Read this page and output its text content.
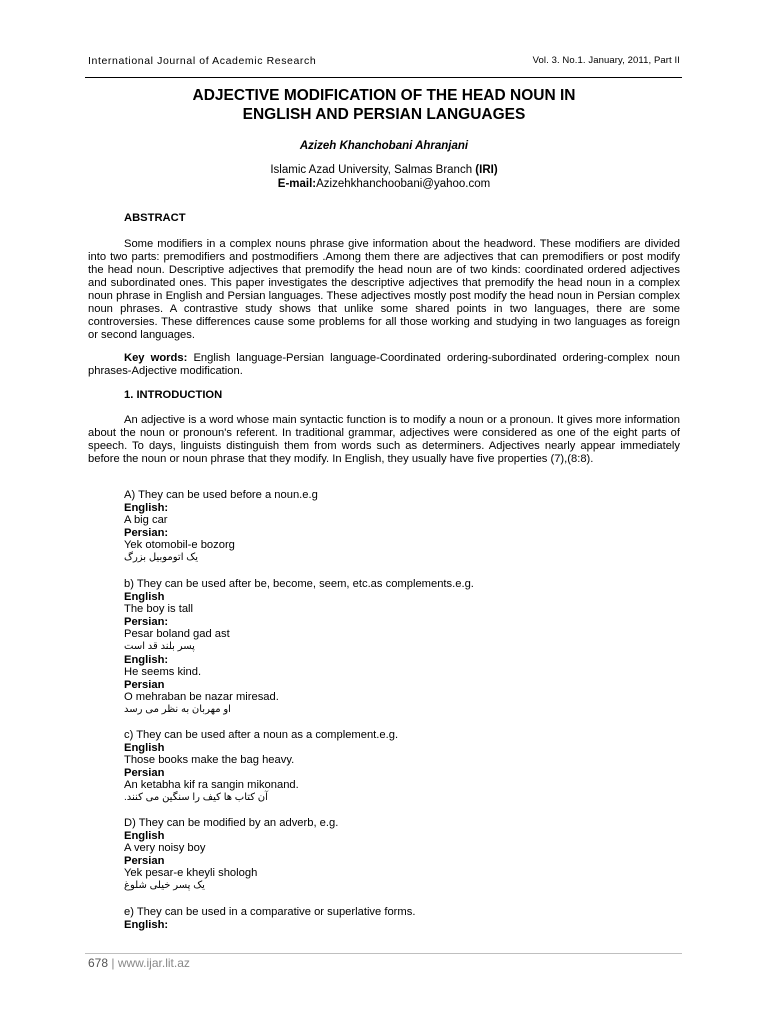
International Journal of Academic Research	Vol. 3. No.1. January, 2011, Part II
ADJECTIVE MODIFICATION OF THE HEAD NOUN IN
ENGLISH AND PERSIAN LANGUAGES
Azizeh Khanchobani Ahranjani
Islamic Azad University, Salmas Branch (IRI)
E-mail:Azizehkhanchoobani@yahoo.com
ABSTRACT
Some modifiers in a complex nouns phrase give information about the headword. These modifiers are divided into two parts: premodifiers and postmodifiers .Among them there are adjectives that can premodifiers or post modify the head noun. Descriptive adjectives that premodify the head noun are of two kinds: coordinated ordered adjectives and subordinated ones. This paper investigates the descriptive adjectives that premodify the head noun in a complex noun phrase in English and Persian languages. These adjectives mostly post modify the head noun in Persian complex noun phrases. A contrastive study shows that unlike some shared points in two languages, there are some controversies. These differences cause some problems for all those working and studying in two languages as foreign or second languages.
Key words: English language-Persian language-Coordinated ordering-subordinated ordering-complex noun phrases-Adjective modification.
1. INTRODUCTION
An adjective is a word whose main syntactic function is to modify a noun or a pronoun. It gives more information about the noun or pronoun's referent. In traditional grammar, adjectives were considered as one of the eight parts of speech. To days, linguists distinguish them from words such as determiners. Adjectives nearly appear immediately before the noun or noun phrase that they modify. In English, they usually have five properties (7),(8:8).
A) They can be used before a noun.e.g
English:
A big car
Persian:
Yek otomobil-e bozorg
یک اتوموبیل بزرگ
b) They can be used after be, become, seem, etc.as complements.e.g.
English
The boy is tall
Persian:
Pesar boland gad ast
پسر بلند قد است
English:
He seems kind.
Persian
O mehraban be nazar miresad.
او مهربان به نظر می رسد
c) They can be used after a noun as a complement.e.g.
English
Those books make the bag heavy.
Persian
An ketabha kif ra sangin mikonand.
آن کتاب ها کیف را سنگین می کنند.
D) They can be modified by an adverb, e.g.
English
A very noisy boy
Persian
Yek pesar-e kheyli shologh
یک پسر خیلی شلوغ
e) They can be used in a comparative or superlative forms.
English:
678 | www.ijar.lit.az
